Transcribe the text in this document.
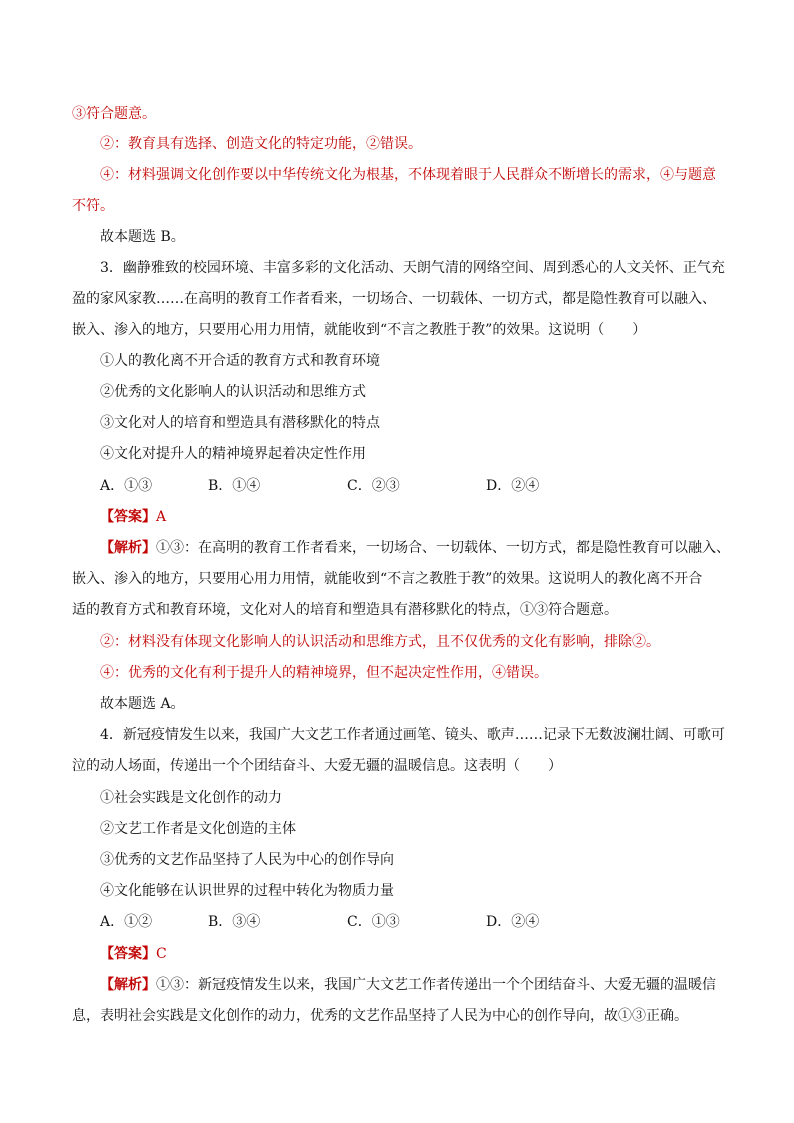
③符合题意。
②：教育具有选择、创造文化的特定功能，②错误。
④：材料强调文化创作要以中华传统文化为根基，不体现着眼于人民群众不断增长的需求，④与题意
不符。
故本题选 B。
3．幽静雅致的校园环境、丰富多彩的文化活动、天朗气清的网络空间、周到悉心的人文关怀、正气充
盈的家风家教……在高明的教育工作者看来，一切场合、一切载体、一切方式，都是隐性教育可以融入、
嵌入、渗入的地方，只要用心用力用情，就能收到“不言之教胜于教”的效果。这说明（　　）
①人的教化离不开合适的教育方式和教育环境
②优秀的文化影响人的认识活动和思维方式
③文化对人的培育和塑造具有潜移默化的特点
④文化对提升人的精神境界起着决定性作用
A．①③	B．①④	C．②③	D．②④
【答案】A
【解析】①③：在高明的教育工作者看来，一切场合、一切载体、一切方式，都是隐性教育可以融入、
嵌入、渗入的地方，只要用心用力用情，就能收到“不言之教胜于教”的效果。这说明人的教化离不开合
适的教育方式和教育环境，文化对人的培育和塑造具有潜移默化的特点，①③符合题意。
②：材料没有体现文化影响人的认识活动和思维方式，且不仅优秀的文化有影响，排除②。
④：优秀的文化有利于提升人的精神境界，但不起决定性作用，④错误。
故本题选 A。
4．新冠疫情发生以来，我国广大文艺工作者通过画笔、镜头、歌声……记录下无数波澜壮阔、可歌可
泣的动人场面，传递出一个个团结奋斗、大爱无疆的温暖信息。这表明（　　）
①社会实践是文化创作的动力
②文艺工作者是文化创造的主体
③优秀的文艺作品坚持了人民为中心的创作导向
④文化能够在认识世界的过程中转化为物质力量
A．①②	B．③④	C．①③	D．②④
【答案】C
【解析】①③：新冠疫情发生以来，我国广大文艺工作者传递出一个个团结奋斗、大爱无疆的温暖信
息，表明社会实践是文化创作的动力，优秀的文艺作品坚持了人民为中心的创作导向，故①③正确。
